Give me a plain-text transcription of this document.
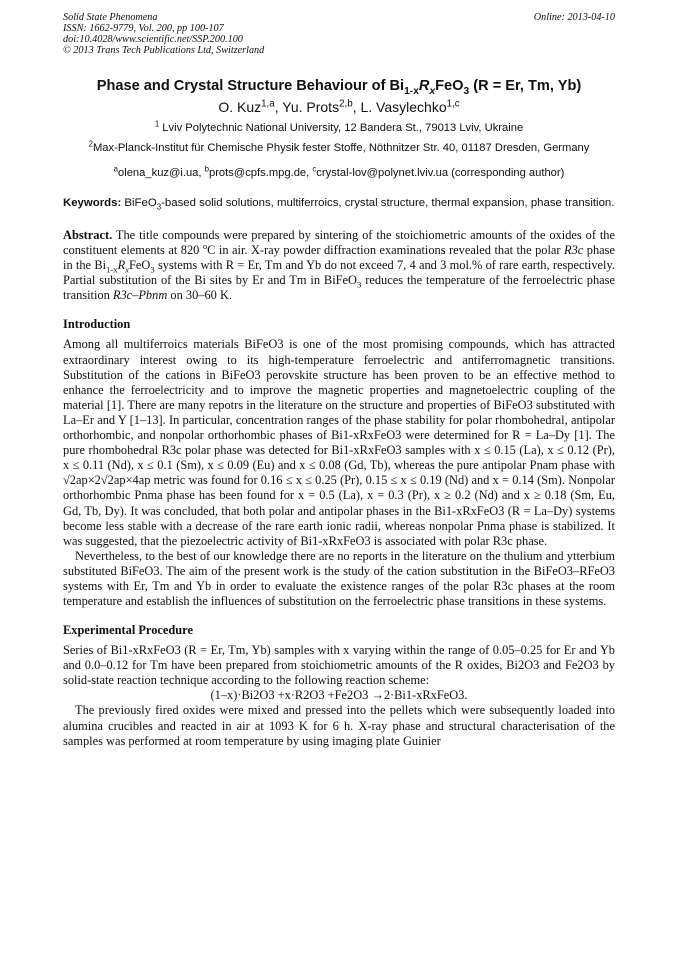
Solid State Phenomena
ISSN: 1662-9779, Vol. 200, pp 100-107
doi:10.4028/www.scientific.net/SSP.200.100
© 2013 Trans Tech Publications Ltd, Switzerland
Online: 2013-04-10
Phase and Crystal Structure Behaviour of $Bi_{1-x}R_xFeO_3$ (R = Er, Tm, Yb)
O. Kuz$^{1,a}$, Yu. Prots$^{2,b}$, L. Vasylechko$^{1,c}$
$^1$ Lviv Polytechnic National University, 12 Bandera St., 79013 Lviv, Ukraine
$^2$Max-Planck-Institut für Chemische Physik fester Stoffe, Nöthnitzer Str. 40, 01187 Dresden, Germany
$^a$olena_kuz@i.ua, $^b$prots@cpfs.mpg.de, $^c$crystal-lov@polynet.lviv.ua (corresponding author)
Keywords: BiFeO$_3$-based solid solutions, multiferroics, crystal structure, thermal expansion, phase transition.
Abstract. The title compounds were prepared by sintering of the stoichiometric amounts of the oxides of the constituent elements at 820 $^o$C in air. X-ray powder diffraction examinations revealed that the polar R3c phase in the $Bi_{1-x}R_xFeO_3$ systems with R = Er, Tm and Yb do not exceed 7, 4 and 3 mol.% of rare earth, respectively. Partial substitution of the Bi sites by Er and Tm in BiFeO$_3$ reduces the temperature of the ferroelectric phase transition R3c–Pbnm on 30–60 K.
Introduction
Among all multiferroics materials BiFeO3 is one of the most promising compounds, which has attracted extraordinary interest owing to its high-temperature ferroelectric and antiferromagnetic transitions. Substitution of the cations in BiFeO3 perovskite structure has been proven to be an effective method to enhance the ferroelectricity and to improve the magnetic properties and magnetoelectric coupling of the material [1]. There are many repotrs in the literature on the structure and properties of BiFeO3 substituted with La–Er and Y [1–13]. In particular, concentration ranges of the phase stability for polar rhombohedral, antipolar orthorhombic, and nonpolar orthorhombic phases of Bi1-xRxFeO3 were determined for R = La–Dy [1]. The pure rhombohedral R3c polar phase was detected for Bi1-xRxFeO3 samples with x ≤ 0.15 (La), x ≤ 0.12 (Pr), x ≤ 0.11 (Nd), x ≤ 0.1 (Sm), x ≤ 0.09 (Eu) and x ≤ 0.08 (Gd, Tb), whereas the pure antipolar Pnam phase with √2ap×2√2ap×4ap metric was found for 0.16 ≤ x ≤ 0.25 (Pr), 0.15 ≤ x ≤ 0.19 (Nd) and x = 0.14 (Sm). Nonpolar orthorhombic Pnma phase has been found for x = 0.5 (La), x = 0.3 (Pr), x ≥ 0.2 (Nd) and x ≥ 0.18 (Sm, Eu, Gd, Tb, Dy). It was concluded, that both polar and antipolar phases in the Bi1-xRxFeO3 (R = La–Dy) systems become less stable with a decrease of the rare earth ionic radii, whereas nonpolar Pnma phase is stabilized. It was suggested, that the piezoelectric activity of Bi1-xRxFeO3 is associated with polar R3c phase.
Nevertheless, to the best of our knowledge there are no reports in the literature on the thulium and ytterbium substituted BiFeO3. The aim of the present work is the study of the cation substitution in the BiFeO3–RFeO3 systems with Er, Tm and Yb in order to evaluate the existence ranges of the polar R3c phases at the room temperature and establish the influences of substitution on the ferroelectric phase transitions in these systems.
Experimental Procedure
Series of Bi1-xRxFeO3 (R = Er, Tm, Yb) samples with x varying within the range of 0.05–0.25 for Er and Yb and 0.0–0.12 for Tm have been prepared from stoichiometric amounts of the R oxides, Bi2O3 and Fe2O3 by solid-state reaction technique according to the following reaction scheme:
(1–x)·Bi2O3 +x·R2O3 +Fe2O3 →2·Bi1-xRxFeO3.
The previously fired oxides were mixed and pressed into the pellets which were subsequently loaded into alumina crucibles and reacted in air at 1093 K for 6 h. X-ray phase and structural characterisation of the samples was performed at room temperature by using imaging plate Guinier
